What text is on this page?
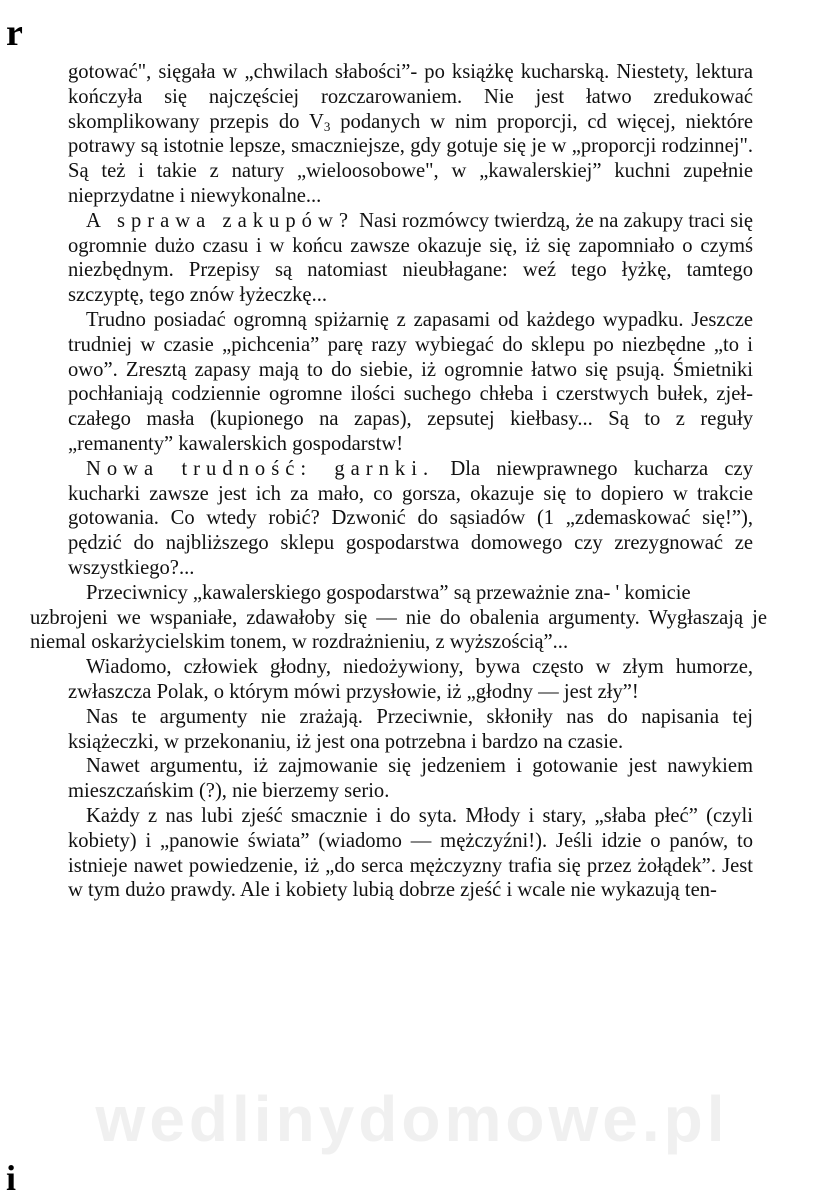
r

gotować", sięgała w „chwilach słabości”- po książkę kucharską. Niestety, lektura kończyła się najczęściej rozczarowaniem. Nie jest łatwo zredukować skomplikowany przepis do $V_3$ podanych w nim proporcji, cd więcej, niektóre potrawy są istotnie lepsze, smaczniejsze, gdy gotuje się je w „proporcji rodzinnej". Są też i takie z natury „wieloosobowe", w „kawalerskiej” kuchni zupełnie nieprzydatne i niewykonalne...

A sprawa zakupów? Nasi rozmówcy twierdzą, że na zakupy traci się ogromnie dużo czasu i w końcu zawsze okazuje się, iż się zapomniało o czymś niezbędnym. Przepisy są natomiast nieubłagane: weź tego łyżkę, tamtego szczyptę, tego znów łyżeczkę...

Trudno posiadać ogromną spiżarnię z zapasami od każdego wypadku. Jeszcze trudniej w czasie „pichcenia” parę razy wybiegać do sklepu po niezbędne „to i owo”. Zresztą zapasy mają to do siebie, iż ogromnie łatwo się psują. Śmietniki pochłaniają codziennie ogromne ilości suchego chłeba i czerstwych bułek, zjeł- czałego masła (kupionego na zapas), zepsutej kiełbasy... Są to z reguły „remanenty” kawalerskich gospodarstw!

Nowa trudność: garnki. Dla niewprawnego kucharza czy kucharki zawsze jest ich za mało, co gorsza, okazuje się to dopiero w trakcie gotowania. Co wtedy robić? Dzwonić do sąsiadów (1 „zdemaskować się!”), pędzić do najbliższego sklepu gospodarstwa domowego czy zrezygnować ze wszystkiego?...

Przeciwnicy „kawalerskiego gospodarstwa” są przeważnie zna- ' komicie

uzbrojeni we wspaniałe, zdawałoby się — nie do obalenia argumenty. Wygłaszają je niemal oskarżycielskim tonem, w rozdrażnieniu, z wyższością”...

Wiadomo, człowiek głodny, niedożywiony, bywa często w złym humorze, zwłaszcza Polak, o którym mówi przysłowie, iż „głodny — jest zły”!

Nas te argumenty nie zrażają. Przeciwnie, skłoniły nas do napisania tej książeczki, w przekonaniu, iż jest ona potrzebna i bardzo na czasie.

Nawet argumentu, iż zajmowanie się jedzeniem i gotowanie jest nawykiem mieszczańskim (?), nie bierzemy serio.

Każdy z nas lubi zjeść smacznie i do syta. Młody i stary, „słaba płeć” (czyli kobiety) i „panowie świata” (wiadomo — mężczyźni!). Jeśli idzie o panów, to istnieje nawet powiedzenie, iż „do serca mężczyzny trafia się przez żołądek”. Jest w tym dużo prawdy. Ale i kobiety lubią dobrze zjeść i wcale nie wykazują ten-

wedlinydomowe.pl
i
